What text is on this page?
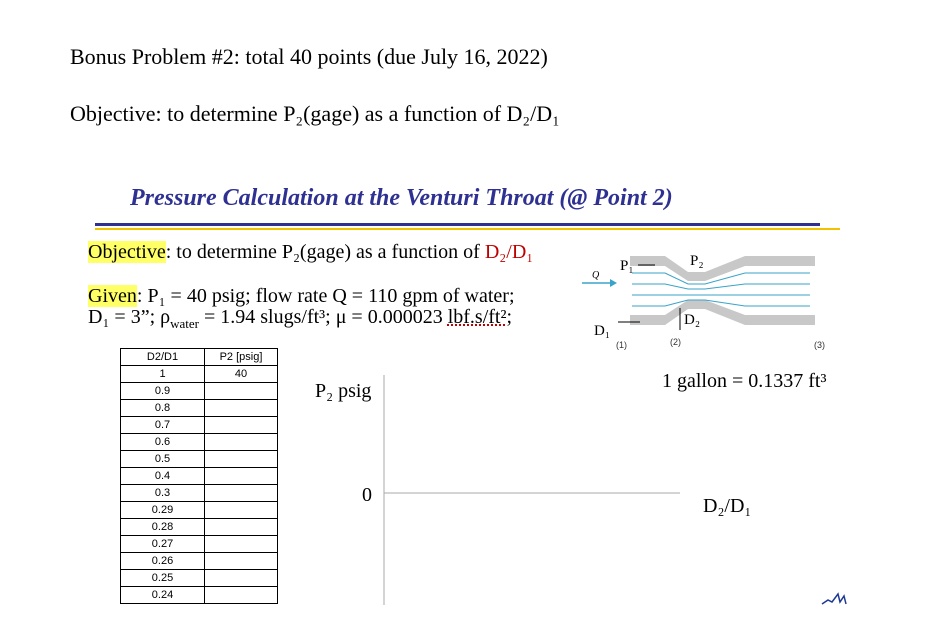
Bonus Problem #2: total 40 points (due July 16, 2022)
Objective: to determine P₂(gage) as a function of D₂/D₁
Pressure Calculation at the Venturi Throat (@ Point 2)
Objective: to determine P₂(gage) as a function of D₂/D₁
Given: P₁ = 40 psig; flow rate Q = 110 gpm of water;
D₁ = 3”; $\rho_{water} = 1.94$ slugs/ft³; μ = 0.000023 lbf.s/ft²;
Q
P₁	P₂
D₁
D₂
(1)	(2)	(3)
1 gallon = 0.1337 ft³
D2/D1	P2 [psig]
1	40
0.9	
0.8	
0.7	
0.6	
0.5	
0.4	
0.3	
0.29	
0.28	
0.27	
0.26	
0.25	
0.24	
P₂ psig
0	D₂/D₁
